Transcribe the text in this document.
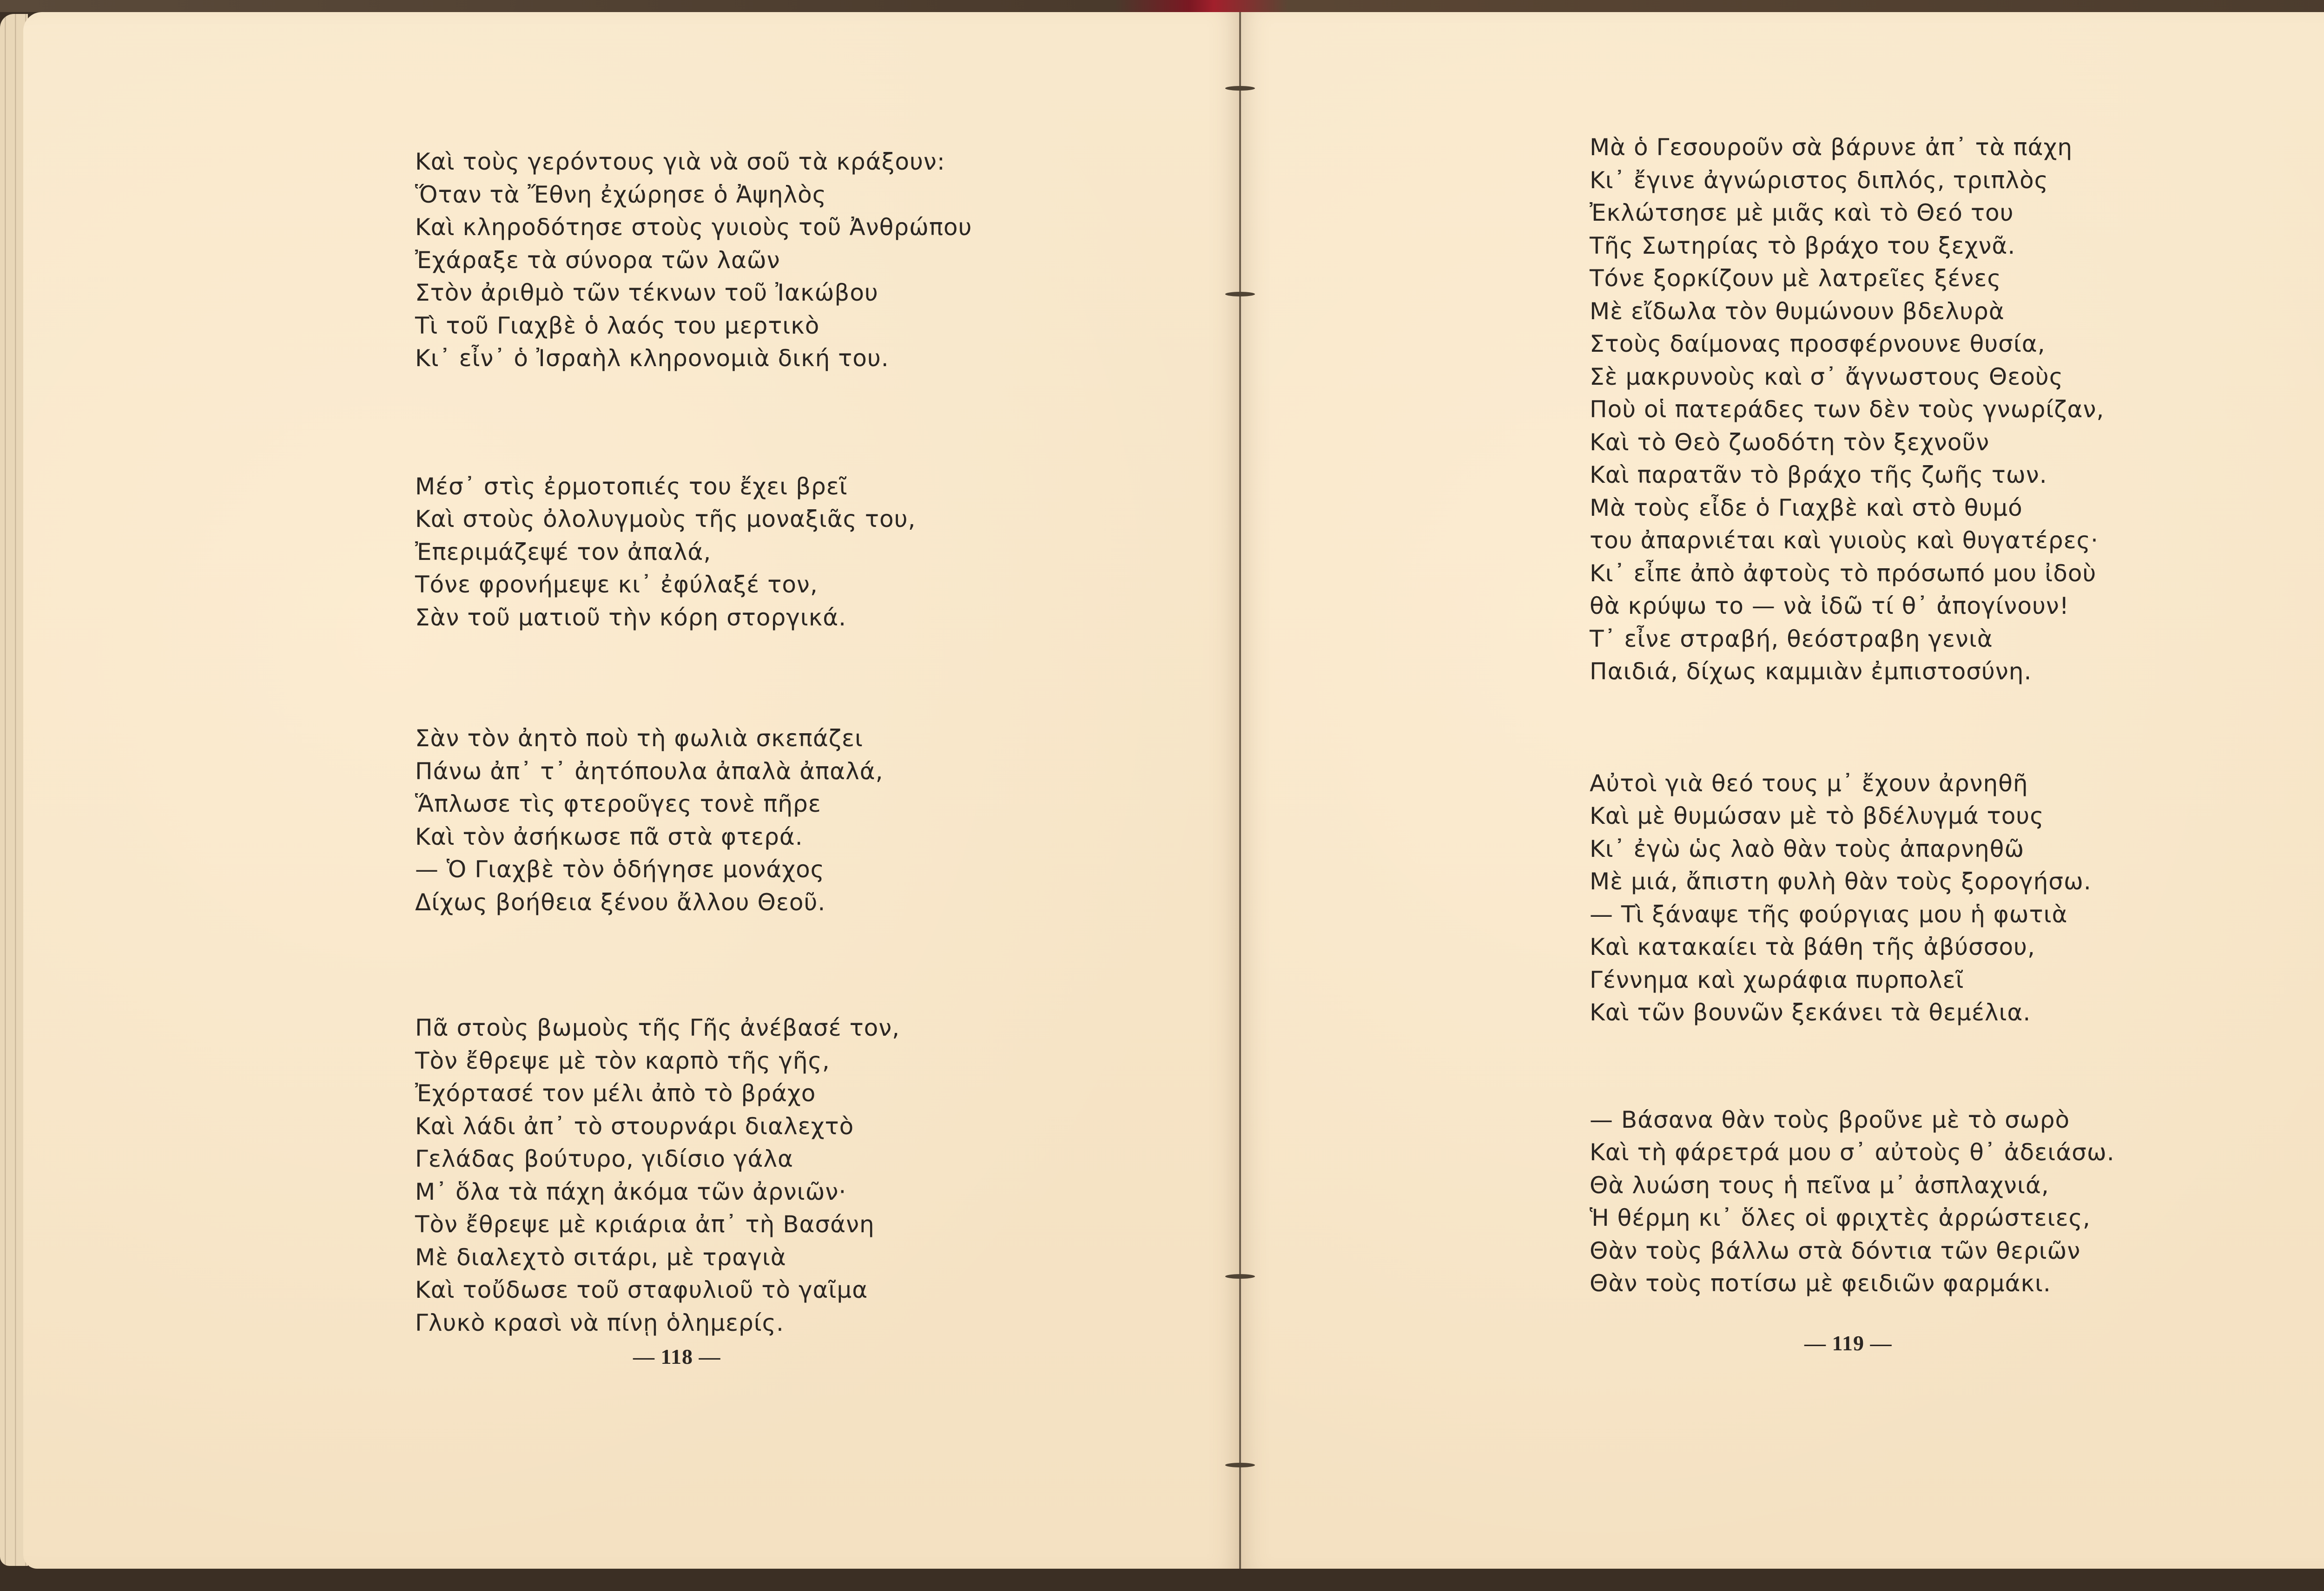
Καὶ τοὺς γερόντους γιὰ νὰ σοῦ τὰ κράξουν:
Ὅταν τὰ Ἔθνη ἐχώρησε ὁ Ἀψηλὸς
Καὶ κληροδότησε στοὺς γυιοὺς τοῦ Ἀνθρώπου
Ἐχάραξε τὰ σύνορα τῶν λαῶν
Στὸν ἀριθμὸ τῶν τέκνων τοῦ Ἰακώβου
Τὶ τοῦ Γιαχβὲ ὁ λαός του μερτικὸ
Κι᾽ εἶν᾽ ὁ Ἰσραὴλ κληρονομιὰ δική του.
Μέσ᾽ στὶς ἐρμοτοπιές του ἔχει βρεῖ
Καὶ στοὺς ὀλολυγμοὺς τῆς μοναξιᾶς του,
Ἐπεριμάζεψέ τον ἀπαλά,
Τόνε φρονήμεψε κι᾽ ἐφύλαξέ τον,
Σὰν τοῦ ματιοῦ τὴν κόρη στοργικά.
Σὰν τὸν ἀητὸ ποὺ τὴ φωλιὰ σκεπάζει
Πάνω ἀπ᾽ τ᾽ ἀητόπουλα ἀπαλὰ ἀπαλά,
Ἅπλωσε τὶς φτεροῦγες τονὲ πῆρε
Καὶ τὸν ἀσήκωσε πᾶ στὰ φτερά.
— Ὁ Γιαχβὲ τὸν ὁδήγησε μονάχος
Δίχως βοήθεια ξένου ἄλλου Θεοῦ.
Πᾶ στοὺς βωμοὺς τῆς Γῆς ἀνέβασέ τον,
Τὸν ἔθρεψε μὲ τὸν καρπὸ τῆς γῆς,
Ἐχόρτασέ τον μέλι ἀπὸ τὸ βράχο
Καὶ λάδι ἀπ᾽ τὸ στουρνάρι διαλεχτὸ
Γελάδας βούτυρο, γιδίσιο γάλα
Μ᾽ ὅλα τὰ πάχη ἀκόμα τῶν ἀρνιῶν·
Τὸν ἔθρεψε μὲ κριάρια ἀπ᾽ τὴ Βασάνη
Μὲ διαλεχτὸ σιτάρι, μὲ τραγιὰ
Καὶ τοὔδωσε τοῦ σταφυλιοῦ τὸ γαῖμα
Γλυκὸ κρασὶ νὰ πίνῃ ὁλημερίς.
— 118 —
Μὰ ὁ Γεσουροῦν σὰ βάρυνε ἀπ᾽ τὰ πάχη
Κι᾽ ἔγινε ἀγνώριστος διπλός, τριπλὸς
Ἐκλώτσησε μὲ μιᾶς καὶ τὸ Θεό του
Τῆς Σωτηρίας τὸ βράχο του ξεχνᾶ.
Τόνε ξορκίζουν μὲ λατρεῖες ξένες
Μὲ εἴδωλα τὸν θυμώνουν βδελυρὰ
Στοὺς δαίμονας προσφέρνουνε θυσία,
Σὲ μακρυνοὺς καὶ σ᾽ ἄγνωστους Θεοὺς
Ποὺ οἱ πατεράδες των δὲν τοὺς γνωρίζαν,
Καὶ τὸ Θεὸ ζωοδότη τὸν ξεχνοῦν
Καὶ παρατᾶν τὸ βράχο τῆς ζωῆς των.
Μὰ τοὺς εἶδε ὁ Γιαχβὲ καὶ στὸ θυμό
του ἀπαρνιέται καὶ γυιοὺς καὶ θυγατέρες·
Κι᾽ εἶπε ἀπὸ ἀφτοὺς τὸ πρόσωπό μου ἰδοὺ
θὰ κρύψω το — νὰ ἰδῶ τί θ᾽ ἀπογίνουν!
Τ᾽ εἶνε στραβή, θεόστραβη γενιὰ
Παιδιά, δίχως καμμιὰν ἐμπιστοσύνη.
Αὐτοὶ γιὰ θεό τους μ᾽ ἔχουν ἀρνηθῆ
Καὶ μὲ θυμώσαν μὲ τὸ βδέλυγμά τους
Κι᾽ ἐγὼ ὡς λαὸ θὰν τοὺς ἀπαρνηθῶ
Μὲ μιά, ἄπιστη φυλὴ θὰν τοὺς ξορογήσω.
— Τὶ ξάναψε τῆς φούργιας μου ἡ φωτιὰ
Καὶ κατακαίει τὰ βάθη τῆς ἀβύσσου,
Γέννημα καὶ χωράφια πυρπολεῖ
Καὶ τῶν βουνῶν ξεκάνει τὰ θεμέλια.
— Βάσανα θὰν τοὺς βροῦνε μὲ τὸ σωρὸ
Καὶ τὴ φάρετρά μου σ᾽ αὐτοὺς θ᾽ ἀδειάσω.
Θὰ λυώση τους ἡ πεῖνα μ᾽ ἀσπλαχνιά,
Ἡ θέρμη κι᾽ ὅλες οἱ φριχτὲς ἀρρώστειες,
Θὰν τοὺς βάλλω στὰ δόντια τῶν θεριῶν
Θὰν τοὺς ποτίσω μὲ φειδιῶν φαρμάκι.
— 119 —
